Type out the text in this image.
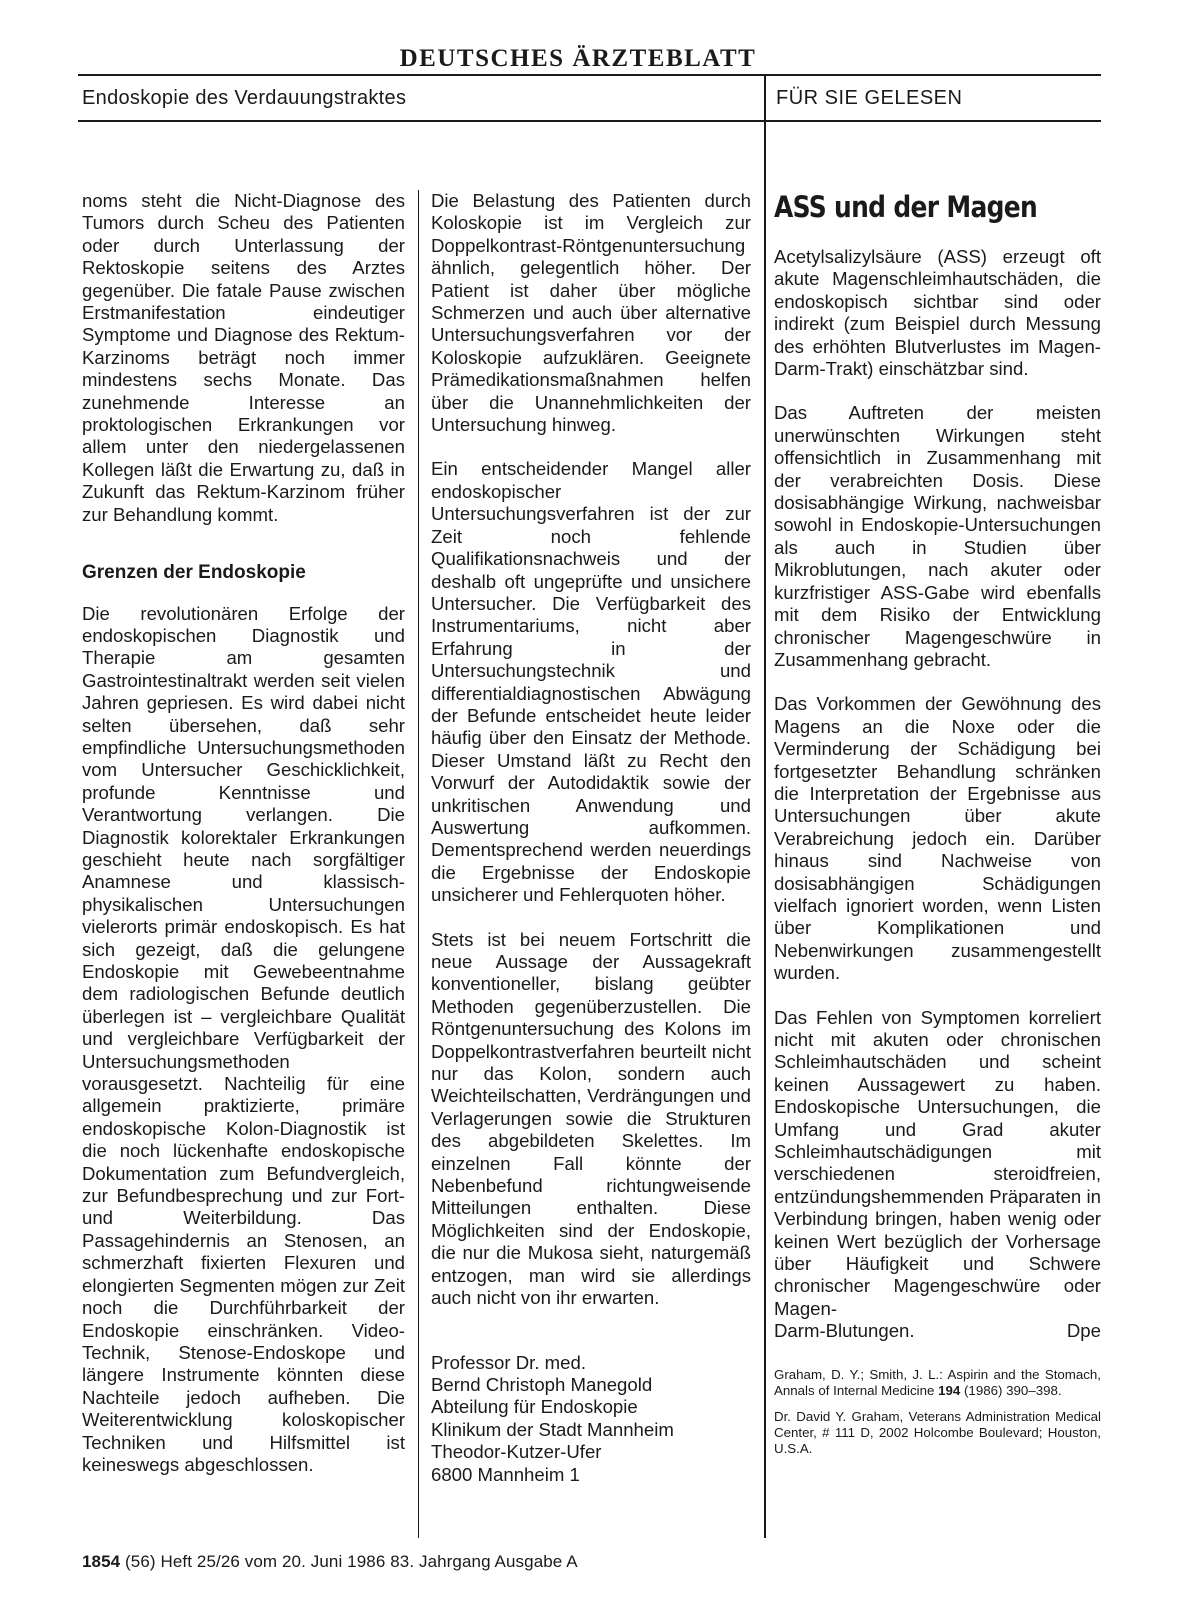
DEUTSCHES ÄRZTEBLATT
Endoskopie des Verdauungstraktes	FÜR SIE GELESEN

noms steht die Nicht-Diagnose des Tumors durch Scheu des Patienten oder durch Unterlassung der Rektoskopie seitens des Arztes gegenüber. Die fatale Pause zwischen Erstmanifestation eindeutiger Symptome und Diagnose des Rektum-Karzinoms beträgt noch immer mindestens sechs Monate. Das zunehmende Interesse an proktologischen Erkrankungen vor allem unter den niedergelassenen Kollegen läßt die Erwartung zu, daß in Zukunft das Rektum-Karzinom früher zur Behandlung kommt.

Grenzen der Endoskopie

Die revolutionären Erfolge der endoskopischen Diagnostik und Therapie am gesamten Gastrointestinaltrakt werden seit vielen Jahren gepriesen. Es wird dabei nicht selten übersehen, daß sehr empfindliche Untersuchungsmethoden vom Untersucher Geschicklichkeit, profunde Kenntnisse und Verantwortung verlangen. Die Diagnostik kolorektaler Erkrankungen geschieht heute nach sorgfältiger Anamnese und klassisch-physikalischen Untersuchungen vielerorts primär endoskopisch. Es hat sich gezeigt, daß die gelungene Endoskopie mit Gewebeentnahme dem radiologischen Befunde deutlich überlegen ist – vergleichbare Qualität und vergleichbare Verfügbarkeit der Untersuchungsmethoden vorausgesetzt. Nachteilig für eine allgemein praktizierte, primäre endoskopische Kolon-Diagnostik ist die noch lückenhafte endoskopische Dokumentation zum Befundvergleich, zur Befundbesprechung und zur Fort- und Weiterbildung. Das Passagehindernis an Stenosen, an schmerzhaft fixierten Flexuren und elongierten Segmenten mögen zur Zeit noch die Durchführbarkeit der Endoskopie einschränken. Video-Technik, Stenose-Endoskope und längere Instrumente könnten diese Nachteile jedoch aufheben. Die Weiterentwicklung koloskopischer Techniken und Hilfsmittel ist keineswegs abgeschlossen.

Die Belastung des Patienten durch Koloskopie ist im Vergleich zur Doppelkontrast-Röntgenuntersuchung ähnlich, gelegentlich höher. Der Patient ist daher über mögliche Schmerzen und auch über alternative Untersuchungsverfahren vor der Koloskopie aufzuklären. Geeignete Prämedikationsmaßnahmen helfen über die Unannehmlichkeiten der Untersuchung hinweg.

Ein entscheidender Mangel aller endoskopischer Untersuchungsverfahren ist der zur Zeit noch fehlende Qualifikationsnachweis und der deshalb oft ungeprüfte und unsichere Untersucher. Die Verfügbarkeit des Instrumentariums, nicht aber Erfahrung in der Untersuchungstechnik und differentialdiagnostischen Abwägung der Befunde entscheidet heute leider häufig über den Einsatz der Methode. Dieser Umstand läßt zu Recht den Vorwurf der Autodidaktik sowie der unkritischen Anwendung und Auswertung aufkommen. Dementsprechend werden neuerdings die Ergebnisse der Endoskopie unsicherer und Fehlerquoten höher.

Stets ist bei neuem Fortschritt die neue Aussage der Aussagekraft konventioneller, bislang geübter Methoden gegenüberzustellen. Die Röntgenuntersuchung des Kolons im Doppelkontrastverfahren beurteilt nicht nur das Kolon, sondern auch Weichteilschatten, Verdrängungen und Verlagerungen sowie die Strukturen des abgebildeten Skelettes. Im einzelnen Fall könnte der Nebenbefund richtungweisende Mitteilungen enthalten. Diese Möglichkeiten sind der Endoskopie, die nur die Mukosa sieht, naturgemäß entzogen, man wird sie allerdings auch nicht von ihr erwarten.

Professor Dr. med.
Bernd Christoph Manegold
Abteilung für Endoskopie
Klinikum der Stadt Mannheim
Theodor-Kutzer-Ufer
6800 Mannheim 1
ASS und der Magen

Acetylsalizylsäure (ASS) erzeugt oft akute Magenschleimhautschäden, die endoskopisch sichtbar sind oder indirekt (zum Beispiel durch Messung des erhöhten Blutverlustes im Magen-Darm-Trakt) einschätzbar sind.

Das Auftreten der meisten unerwünschten Wirkungen steht offensichtlich in Zusammenhang mit der verabreichten Dosis. Diese dosisabhängige Wirkung, nachweisbar sowohl in Endoskopie-Untersuchungen als auch in Studien über Mikroblutungen, nach akuter oder kurzfristiger ASS-Gabe wird ebenfalls mit dem Risiko der Entwicklung chronischer Magengeschwüre in Zusammenhang gebracht.

Das Vorkommen der Gewöhnung des Magens an die Noxe oder die Verminderung der Schädigung bei fortgesetzter Behandlung schränken die Interpretation der Ergebnisse aus Untersuchungen über akute Verabreichung jedoch ein. Darüber hinaus sind Nachweise von dosisabhängigen Schädigungen vielfach ignoriert worden, wenn Listen über Komplikationen und Nebenwirkungen zusammengestellt wurden.

Das Fehlen von Symptomen korreliert nicht mit akuten oder chronischen Schleimhautschäden und scheint keinen Aussagewert zu haben. Endoskopische Untersuchungen, die Umfang und Grad akuter Schleimhautschädigungen mit verschiedenen steroidfreien, entzündungshemmenden Präparaten in Verbindung bringen, haben wenig oder keinen Wert bezüglich der Vorhersage über Häufigkeit und Schwere chronischer Magengeschwüre oder Magen-

Darm-Blutungen.	Dpe

Graham, D. Y.; Smith, J. L.: Aspirin and the Stomach, Annals of Internal Medicine 194 (1986) 390–398.

Dr. David Y. Graham, Veterans Administration Medical Center, # 111 D, 2002 Holcombe Boulevard; Houston, U.S.A.

1854 (56) Heft 25/26 vom 20. Juni 1986 83. Jahrgang Ausgabe A
